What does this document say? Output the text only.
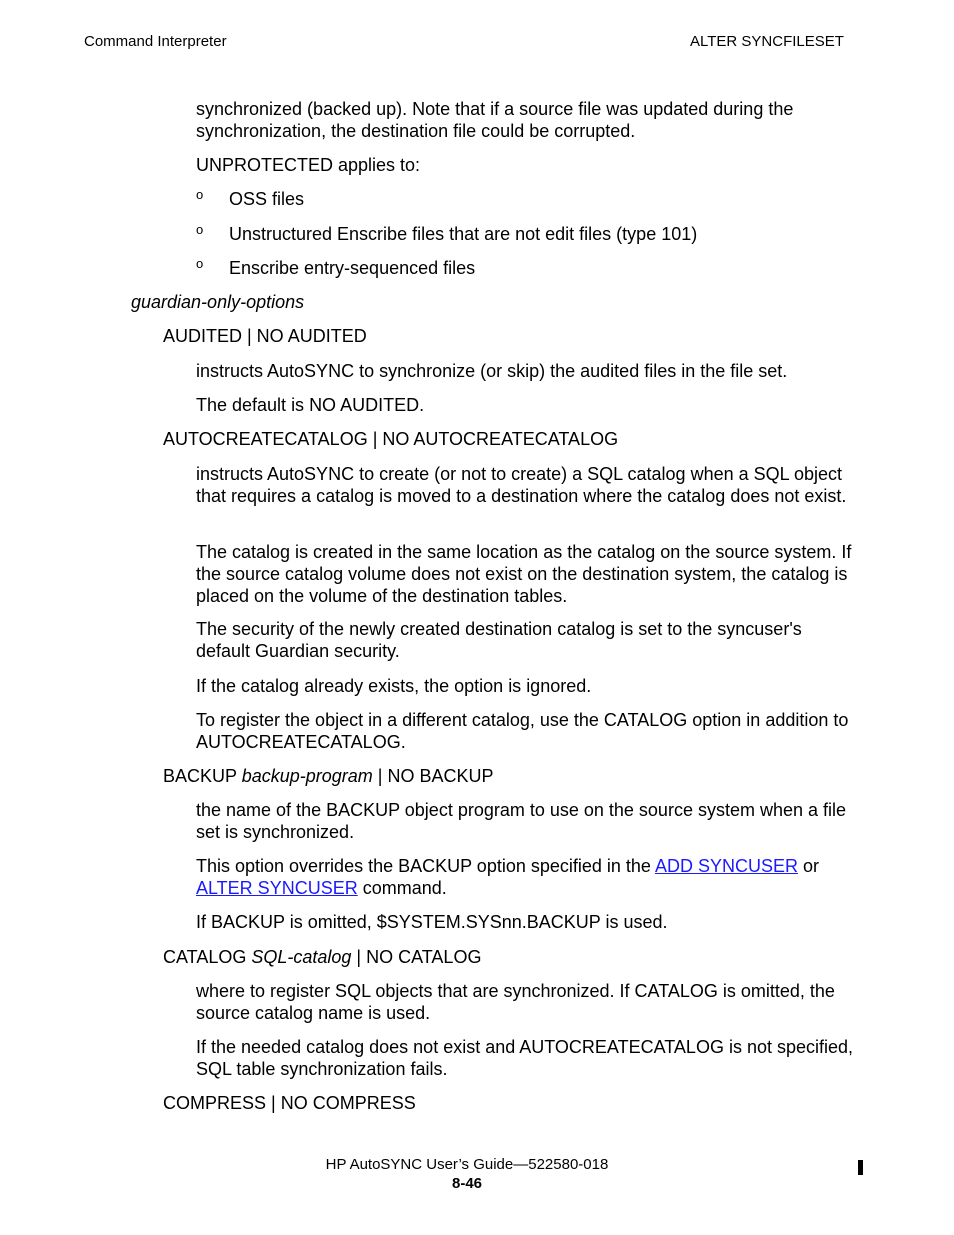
Command Interpreter	ALTER SYNCFILESET
synchronized (backed up). Note that if a source file was updated during the synchronization, the destination file could be corrupted.
UNPROTECTED applies to:
o OSS files
o Unstructured Enscribe files that are not edit files (type 101)
o Enscribe entry-sequenced files
guardian-only-options
AUDITED | NO AUDITED
instructs AutoSYNC to synchronize (or skip) the audited files in the file set.
The default is NO AUDITED.
AUTOCREATECATALOG | NO AUTOCREATECATALOG
instructs AutoSYNC to create (or not to create) a SQL catalog when a SQL object that requires a catalog is moved to a destination where the catalog does not exist.
The catalog is created in the same location as the catalog on the source system. If the source catalog volume does not exist on the destination system, the catalog is placed on the volume of the destination tables.
The security of the newly created destination catalog is set to the syncuser's default Guardian security.
If the catalog already exists, the option is ignored.
To register the object in a different catalog, use the CATALOG option in addition to AUTOCREATECATALOG.
BACKUP backup-program | NO BACKUP
the name of the BACKUP object program to use on the source system when a file set is synchronized.
This option overrides the BACKUP option specified in the ADD SYNCUSER or
ALTER SYNCUSER command.
If BACKUP is omitted, $SYSTEM.SYSnn.BACKUP is used.
CATALOG SQL-catalog | NO CATALOG
where to register SQL objects that are synchronized. If CATALOG is omitted, the source catalog name is used.
If the needed catalog does not exist and AUTOCREATECATALOG is not specified, SQL table synchronization fails.
COMPRESS | NO COMPRESS
HP AutoSYNC User’s Guide—522580-018
8-46
